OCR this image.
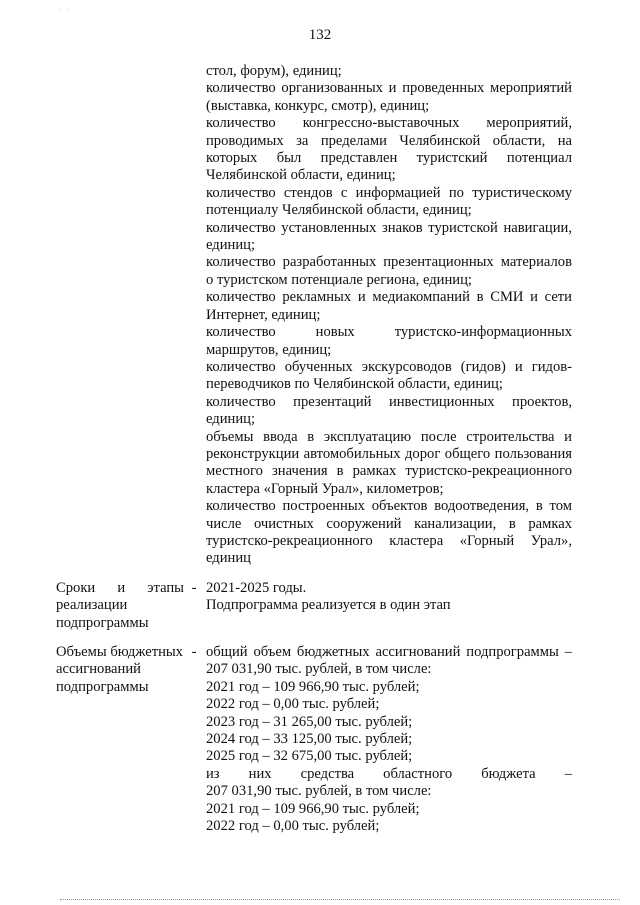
· ·
132
стол, форум), единиц;
количество организованных и проведенных мероприятий (выставка, конкурс, смотр), единиц;
количество конгрессно-выставочных мероприятий, проводимых за пределами Челябинской области, на которых был представлен туристский потенциал Челябинской области, единиц;
количество стендов с информацией по туристическому потенциалу Челябинской области, единиц;
количество установленных знаков туристской навигации, единиц;
количество разработанных презентационных материалов о туристском потенциале региона, единиц;
количество рекламных и медиакомпаний в СМИ и сети Интернет, единиц;
количество новых туристско-информационных маршрутов, единиц;
количество обученных экскурсоводов (гидов) и гидов-переводчиков по Челябинской области, единиц;
количество презентаций инвестиционных проектов, единиц;
объемы ввода в эксплуатацию после строительства и реконструкции автомобильных дорог общего пользования местного значения в рамках туристско-рекреационного кластера «Горный Урал», километров;
количество построенных объектов водоотведения, в том числе очистных сооружений канализации, в рамках туристско-рекреационного кластера «Горный Урал», единиц
Сроки и этапы реализации подпрограммы
- 2021-2025 годы.
Подпрограмма реализуется в один этап
Объемы бюджетных ассигнований подпрограммы
- общий объем бюджетных ассигнований подпрограммы – 207 031,90 тыс. рублей, в том числе:
2021 год – 109 966,90 тыс. рублей;
2022 год – 0,00 тыс. рублей;
2023 год – 31 265,00 тыс. рублей;
2024 год – 33 125,00 тыс. рублей;
2025 год – 32 675,00 тыс. рублей;
из них средства областного бюджета –
207 031,90 тыс. рублей, в том числе:
2021 год – 109 966,90 тыс. рублей;
2022 год – 0,00 тыс. рублей;
